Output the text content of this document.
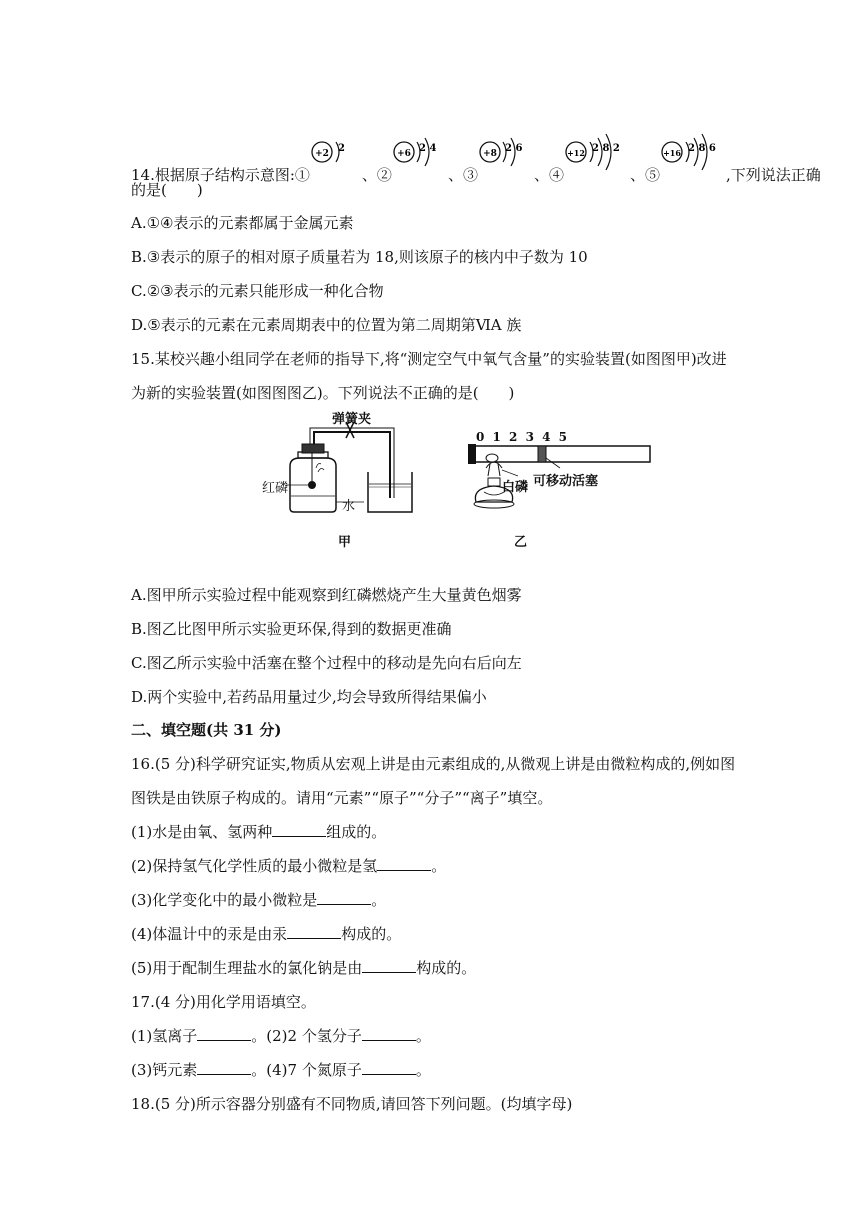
14.根据原子结构示意图:①
+2 2
、②
+6 2 4
、③
+8 2 6
、④
+12 2 8 2
、⑤
+16 2 8 6
,下列说法正确
的是(　　)
A.①④表示的元素都属于金属元素
B.③表示的原子的相对原子质量若为 18,则该原子的核内中子数为 10
C.②③表示的元素只能形成一种化合物
D.⑤表示的元素在元素周期表中的位置为第二周期第ⅥA 族
15.某校兴趣小组同学在老师的指导下,将“测定空气中氧气含量”的实验装置(如图图甲)改进
为新的实验装置(如图图图乙)。下列说法不正确的是(　　)
弹簧夹
红磷
水
甲
0 1 2 3 4 5
白磷 可移动活塞
乙
A.图甲所示实验过程中能观察到红磷燃烧产生大量黄色烟雾
B.图乙比图甲所示实验更环保,得到的数据更准确
C.图乙所示实验中活塞在整个过程中的移动是先向右后向左
D.两个实验中,若药品用量过少,均会导致所得结果偏小
二、填空题(共 31 分)
16.(5 分)科学研究证实,物质从宏观上讲是由元素组成的,从微观上讲是由微粒构成的,例如图
图铁是由铁原子构成的。请用“元素”“原子”“分子”“离子”填空。
(1)水是由氧、氢两种	组成的。
(2)保持氢气化学性质的最小微粒是氢	。
(3)化学变化中的最小微粒是	。
(4)体温计中的汞是由汞	构成的。
(5)用于配制生理盐水的氯化钠是由	构成的。
17.(4 分)用化学用语填空。
(1)氢离子	。(2)2 个氢分子	。
(3)钙元素	。(4)7 个氮原子	。
18.(5 分)所示容器分别盛有不同物质,请回答下列问题。(均填字母)
